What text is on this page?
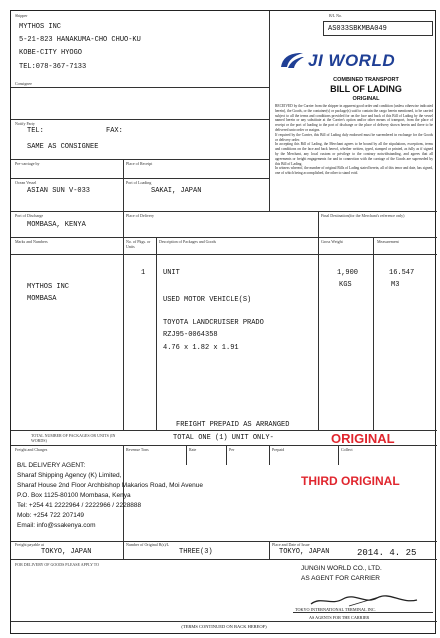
Shipper
MYTHOS INC
5-21-823 HANAKUMA-CHO CHUO-KU
KOBE-CITY HYOGO
TEL:078-367-7133
Consignee
TEL:	FAX:
Notify Party
SAME AS CONSIGNEE
Pre-carriage by	Place of Receipt
Ocean Vessel
ASIAN SUN V-033
Port of Loading
SAKAI, JAPAN
Port of Discharge
MOMBASA, KENYA
Place of Delivery	Final Destination(for the Merchant's reference only)
B/L No.
AS033SBKMBA049
JI WORLD
COMBINED TRANSPORT
BILL OF LADING
ORIGINAL
RECEIVED by the Carrier from the shipper in apparent good order and condition (unless otherwise indicated herein), the Goods, or the container(s) or package(s) said to contain the cargo herein mentioned, to be carried subject to all the terms and conditions provided for on the face and back of this Bill of Lading by the vessel named herein or any substitute at the Carrier's option and/or other means of transport, from the place of receipt or the port of loading to the port of discharge or the place of delivery shown herein and there to be delivered unto order or assigns.
If required by the Carrier, this Bill of Lading duly endorsed must be surrendered in exchange for the Goods or delivery order.
In accepting this Bill of Lading, the Merchant agrees to be bound by all the stipulations, exceptions, terms and conditions on the face and back hereof, whether written, typed, stamped or printed, as fully as if signed by the Merchant, any local custom or privilege to the contrary notwithstanding, and agrees that all agreements or freight engagements for and in connection with the carriage of the Goods are superseded by this Bill of Lading.
In witness whereof, the number of original Bills of Lading stated herein, all of this tenor and date, has signed, one of which being accomplished, the other to stand void.
Marks and Numbers	No. of Pkgs. or Units
Description of Packages and Goods	Gross Weight	Measurement
MYTHOS INC
MOMBASA
1	UNIT
USED MOTOR VEHICLE(S)
TOYOTA LANDCRUISER PRADO
RZJ95-0064358
4.76 x 1.82 x 1.91
FREIGHT PREPAID AS ARRANGED
1,900
KGS
16.547
M3
TOTAL NUMBER OF PACKAGES OR UNITS (IN WORDS)	TOTAL ONE (1) UNIT ONLY-	ORIGINAL
Freight and Charges	Revenue Tons	Rate	Per	Prepaid	Collect
THIRD ORIGINAL
B/L DELIVERY AGENT:
Sharaf Shipping Agency (K) Limited,
Sharaf House 2nd Floor Archbishop Makarios Road, Moi Avenue
P.O. Box 1125-80100 Mombasa, Kenya
Tel: +254 41 2222964 / 2222966 / 2228888
Mob: +254 722 207149
Email: info@ssakenya.com
Freight payable at
TOKYO, JAPAN
Number of Original B(s)/L
THREE(3)
Place and Date of Issue
TOKYO, JAPAN	2014. 4. 25
FOR DELIVERY OF GOODS PLEASE APPLY TO
JUNGIN WORLD CO., LTD.
AS AGENT FOR CARRIER
TOKYO INTERNATIONAL TERMINAL INC.
AS AGENTS FOR THE CARRIER
(TERMS CONTINUED ON BACK HEREOF)
